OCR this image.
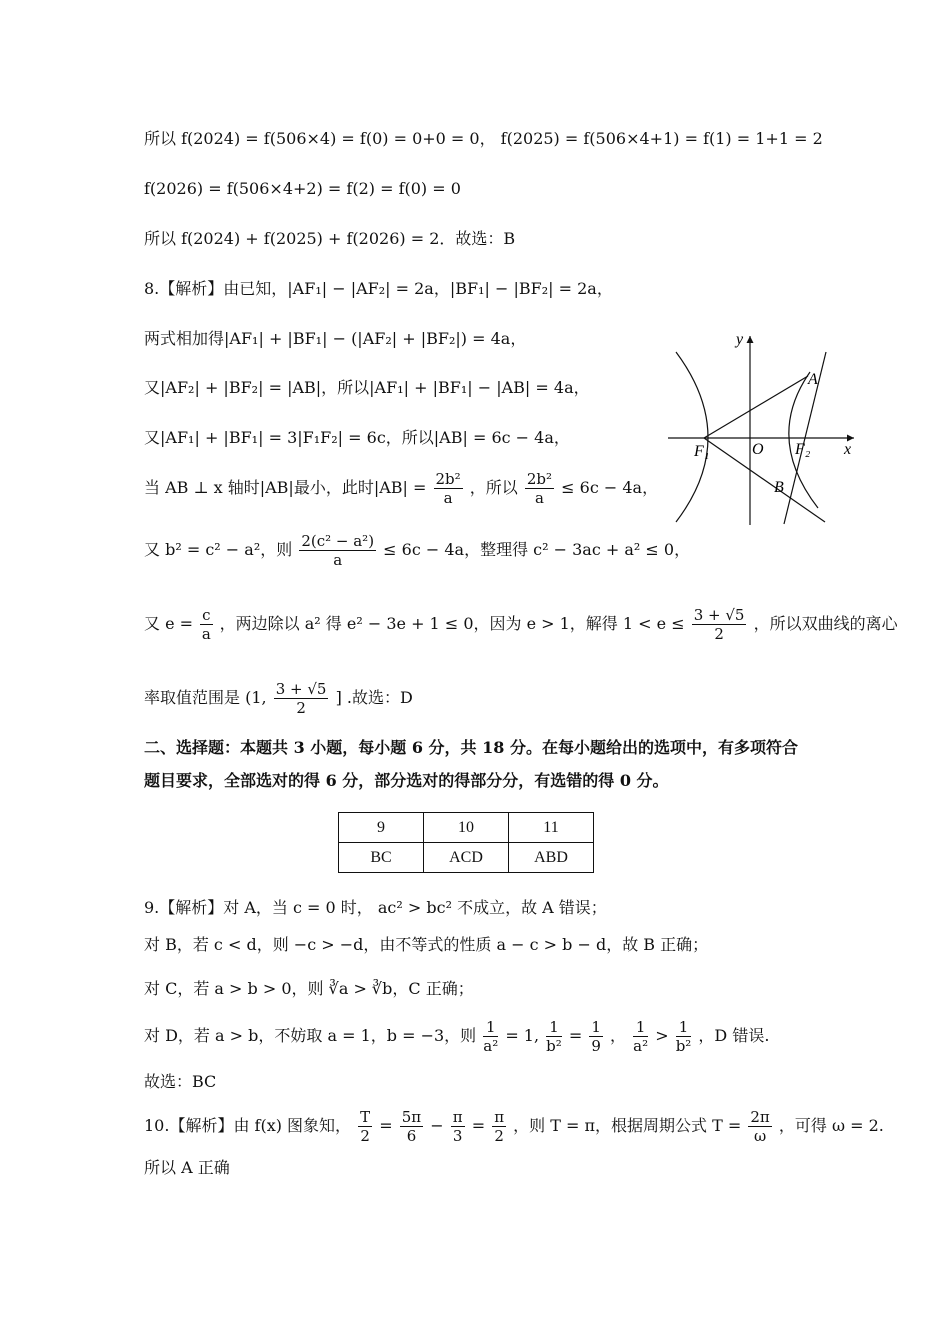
所以 f(2024) = f(506×4) = f(0) = 0+0 = 0， f(2025) = f(506×4+1) = f(1) = 1+1 = 2
f(2026) = f(506×4+2) = f(2) = f(0) = 0
所以 f(2024) + f(2025) + f(2026) = 2．故选：B
8.【解析】由已知，|AF₁| − |AF₂| = 2a，|BF₁| − |BF₂| = 2a，
两式相加得|AF₁| + |BF₁| − (|AF₂| + |BF₂|) = 4a，
又|AF₂| + |BF₂| = |AB|，所以|AF₁| + |BF₁| − |AB| = 4a，
又|AF₁| + |BF₁| = 3|F₁F₂| = 6c，所以|AB| = 6c − 4a，
当 AB ⊥ x 轴时|AB|最小，此时$|AB| = \frac{\text{2b²}}{a}$ ，所以 $\frac{\text{2b²}}{a} \le 6c - 4a$，
又 b² = c² − a²，则 $\frac{\text{2(c² − a²)}}{a} \le 6c - 4a$，整理得 c² − 3ac + a² ≤ 0，
又 $e = \frac{c}{a}$ ，两边除以 a² 得 e² − 3e + 1 ≤ 0，因为 e > 1，解得 $1 < e \le \frac{3 + √5}{2}$ ，所以双曲线的离心
率取值范围是 (1, $\frac{3 + √5}{2}$ ] .故选：D
二、选择题：本题共 3 小题，每小题 6 分，共 18 分。在每小题给出的选项中，有多项符合
题目要求，全部选对的得 6 分，部分选对的得部分分，有选错的得 0 分。
9	10	11
BC	ACD	ABD
9.【解析】对 A，当 c = 0 时， ac² > bc² 不成立，故 A 错误；
对 B，若 c < d，则 −c > −d，由不等式的性质 a − c > b − d，故 B 正确；
对 C，若 a > b > 0，则 ∛a > ∛b，C 正确；
对 D，若 a > b，不妨取 a = 1，b = −3，则 $\frac{1}{\text{a²}} = 1$, $\frac{1}{\text{b²}} = \frac{1}{9}$ ， $\frac{1}{\text{a²}} > \frac{1}{\text{b²}}$ ，D 错误.
故选：BC
10.【解析】由 f(x) 图象知， $\frac{T}{2} = \frac{5\pi}{6} - \frac{\pi}{3} = \frac{\pi}{2}$ ，则 T = π，根据周期公式 $T = \frac{2\pi}{\omega}$ ，可得 ω = 2.
所以 A 正确
y
x
O
A
B
F₁	F₂
